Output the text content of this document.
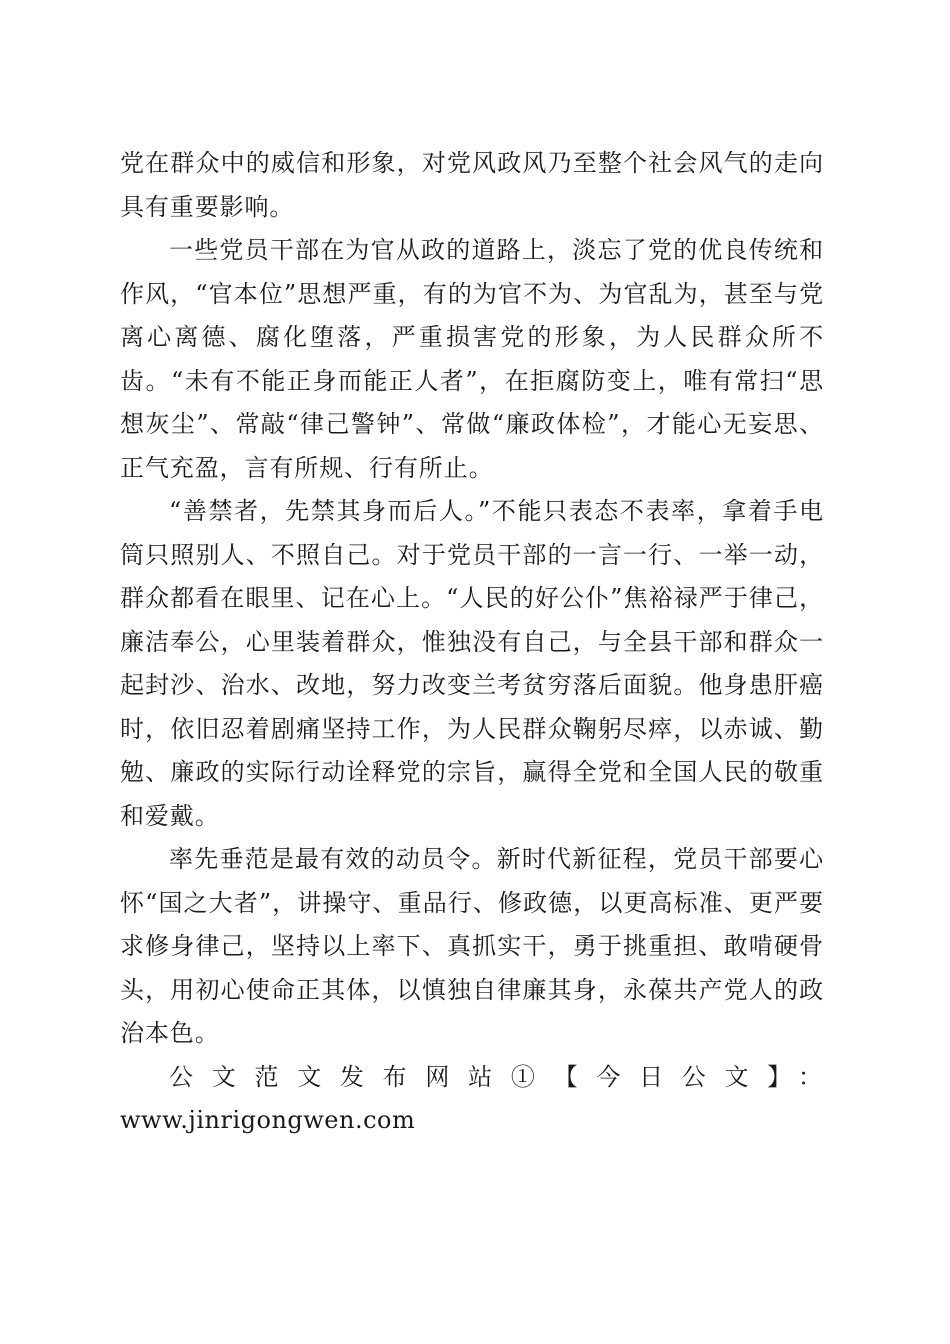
党在群众中的威信和形象，对党风政风乃至整个社会风气的走向具有重要影响。

一些党员干部在为官从政的道路上，淡忘了党的优良传统和作风，“官本位”思想严重，有的为官不为、为官乱为，甚至与党离心离德、腐化堕落，严重损害党的形象，为人民群众所不齿。“未有不能正身而能正人者”，在拒腐防变上，唯有常扫“思想灰尘”、常敲“律己警钟”、常做“廉政体检”，才能心无妄思、正气充盈，言有所规、行有所止。

“善禁者，先禁其身而后人。”不能只表态不表率，拿着手电筒只照别人、不照自己。对于党员干部的一言一行、一举一动，群众都看在眼里、记在心上。“人民的好公仆”焦裕禄严于律己，廉洁奉公，心里装着群众，惟独没有自己，与全县干部和群众一起封沙、治水、改地，努力改变兰考贫穷落后面貌。他身患肝癌时，依旧忍着剧痛坚持工作，为人民群众鞠躬尽瘁，以赤诚、勤勉、廉政的实际行动诠释党的宗旨，赢得全党和全国人民的敬重和爱戴。

率先垂范是最有效的动员令。新时代新征程，党员干部要心怀“国之大者”，讲操守、重品行、修政德，以更高标准、更严要求修身律己，坚持以上率下、真抓实干，勇于挑重担、敢啃硬骨头，用初心使命正其体，以慎独自律廉其身，永葆共产党人的政治本色。

公文范文发布网站①【今日公文】：

www.jinrigongwen.com
